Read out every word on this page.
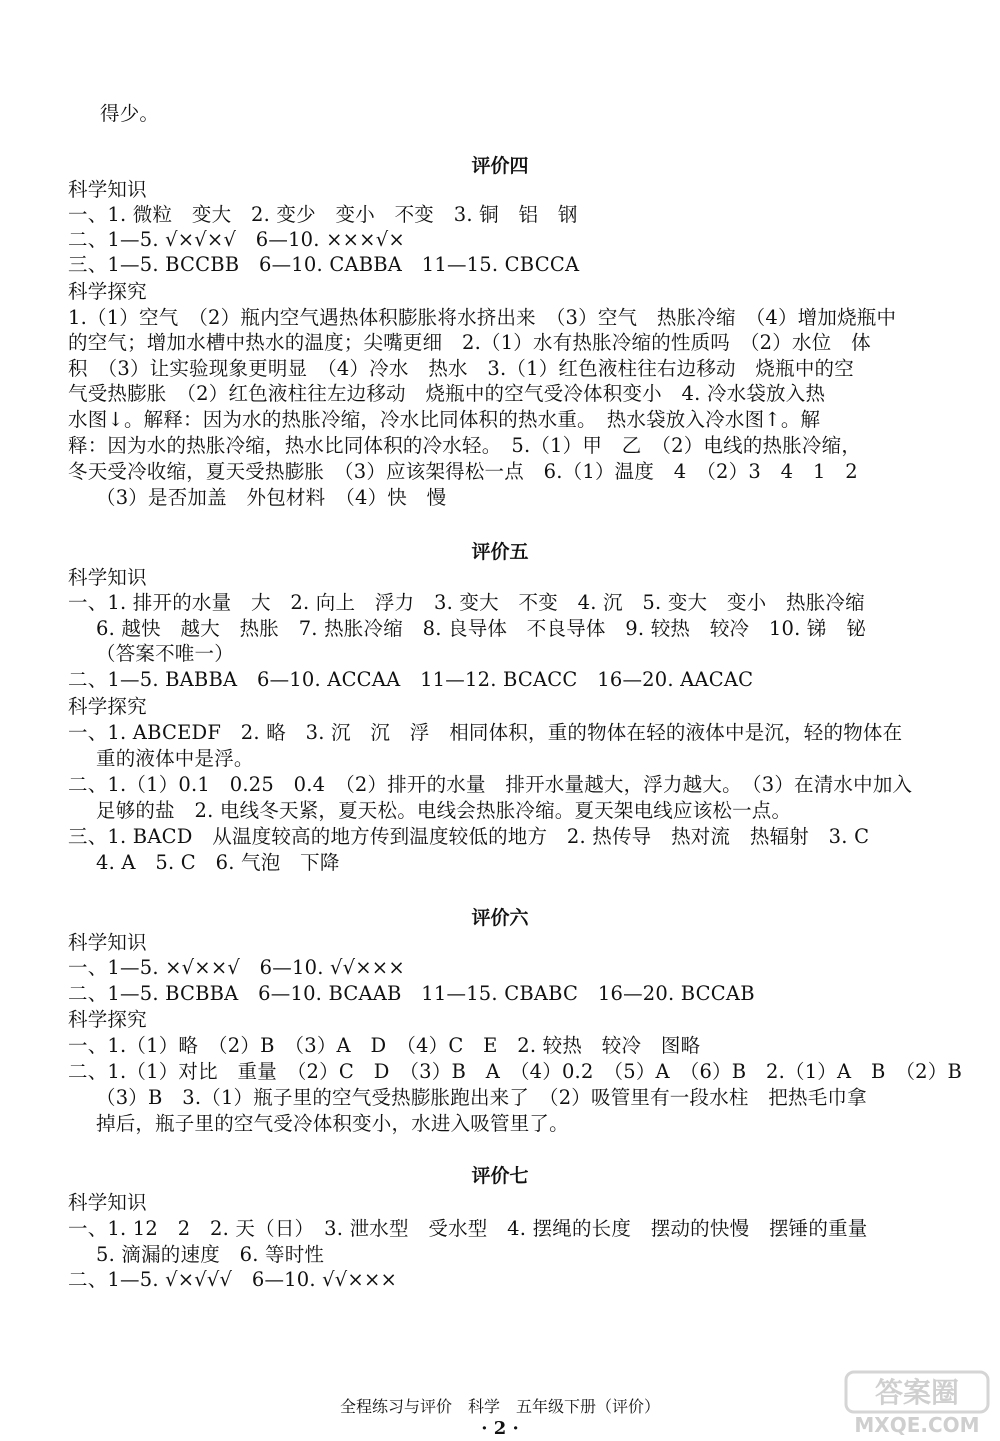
得少。
评价四
科学知识
一、1. 微粒　变大　2. 变少　变小　不变　3. 铜　铝　钢
二、1—5. √×√×√　6—10. ×××√×
三、1—5. BCCBB　6—10. CABBA　11—15. CBCCA
科学探究
1.（1）空气　（2）瓶内空气遇热体积膨胀将水挤出来　（3）空气　热胀冷缩　（4）增加烧瓶中
的空气；增加水槽中热水的温度；尖嘴更细　2.（1）水有热胀冷缩的性质吗　（2）水位　体
积　（3）让实验现象更明显　（4）冷水　热水　3.（1）红色液柱往右边移动　烧瓶中的空
气受热膨胀　（2）红色液柱往左边移动　烧瓶中的空气受冷体积变小　4. 冷水袋放入热
水图↓。解释：因为水的热胀冷缩，冷水比同体积的热水重。　热水袋放入冷水图↑。解
释：因为水的热胀冷缩，热水比同体积的冷水轻。　5.（1）甲　乙　（2）电线的热胀冷缩，
冬天受冷收缩，夏天受热膨胀　（3）应该架得松一点　6.（1）温度　4　（2）3　4　1　2
（3）是否加盖　外包材料　（4）快　慢
评价五
科学知识
一、1. 排开的水量　大　2. 向上　浮力　3. 变大　不变　4. 沉　5. 变大　变小　热胀冷缩
6. 越快　越大　热胀　7. 热胀冷缩　8. 良导体　不良导体　9. 较热　较冷　10. 锑　铋
（答案不唯一）
二、1—5. BABBA　6—10. ACCAA　11—12. BCACC　16—20. AACAC
科学探究
一、1. ABCEDF　2. 略　3. 沉　沉　浮　相同体积，重的物体在轻的液体中是沉，轻的物体在
重的液体中是浮。
二、1.（1）0.1　0.25　0.4　（2）排开的水量　排开水量越大，浮力越大。　（3）在清水中加入
足够的盐　2. 电线冬天紧，夏天松。电线会热胀冷缩。夏天架电线应该松一点。
三、1. BACD　从温度较高的地方传到温度较低的地方　2. 热传导　热对流　热辐射　3. C
4. A　5. C　6. 气泡　下降
评价六
科学知识
一、1—5. ×√××√　6—10. √√×××
二、1—5. BCBBA　6—10. BCAAB　11—15. CBABC　16—20. BCCAB
科学探究
一、1.（1）略　（2）B　（3）A　D　（4）C　E　2. 较热　较冷　图略
二、1.（1）对比　重量　（2）C　D　（3）B　A　（4）0.2　（5）A　（6）B　2.（1）A　B　（2）B
（3）B　3.（1）瓶子里的空气受热膨胀跑出来了　（2）吸管里有一段水柱　把热毛巾拿
掉后，瓶子里的空气受冷体积变小，水进入吸管里了。
评价七
科学知识
一、1. 12　2　2. 天（日）　3. 泄水型　受水型　4. 摆绳的长度　摆动的快慢　摆锤的重量
5. 滴漏的速度　6. 等时性
二、1—5. √×√√√　6—10. √√×××
全程练习与评价　科学　五年级下册（评价）
· 2 ·
答案圈
MXQE.COM
